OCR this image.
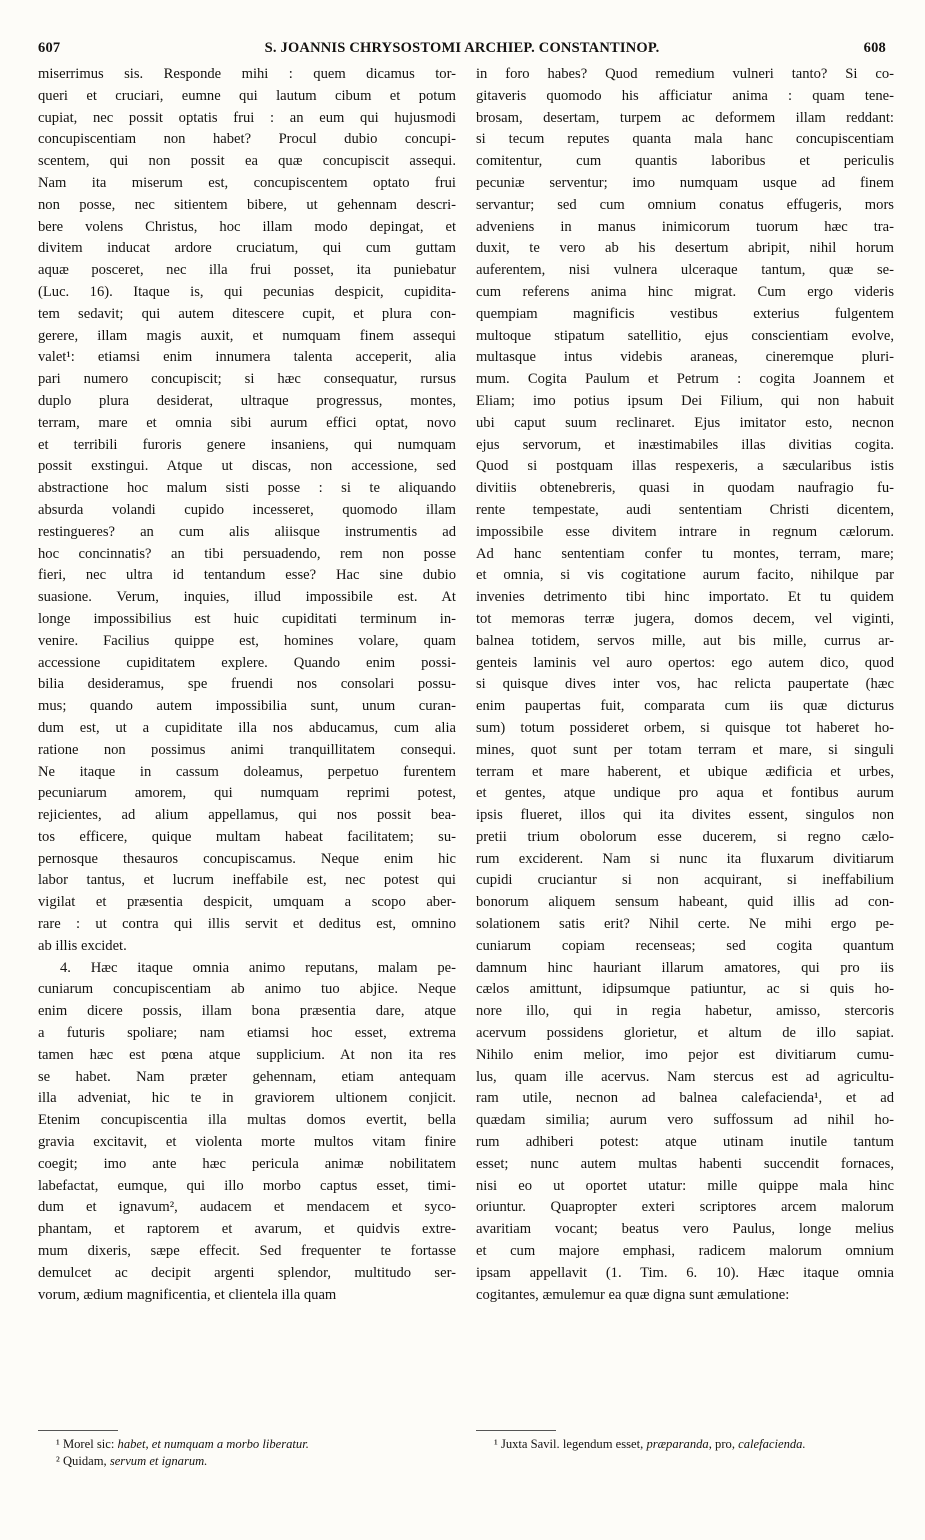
607	S. JOANNIS CHRYSOSTOMI ARCHIEP. CONSTANTINOP.	608
miserrimus sis. Responde mihi : quem dicamus tor-
queri et cruciari, eumne qui lautum cibum et potum
cupiat, nec possit optatis frui : an eum qui hujusmodi
concupiscentiam non habet? Procul dubio concupi-
scentem, qui non possit ea quæ concupiscit assequi.
Nam ita miserum est, concupiscentem optato frui
non posse, nec sitientem bibere, ut gehennam descri-
bere volens Christus, hoc illam modo depingat, et
divitem inducat ardore cruciatum, qui cum guttam
aquæ posceret, nec illa frui posset, ita puniebatur
(Luc. 16). Itaque is, qui pecunias despicit, cupidita-
tem sedavit; qui autem ditescere cupit, et plura con-
gerere, illam magis auxit, et numquam finem assequi
valet¹: etiamsi enim innumera talenta acceperit, alia
pari numero concupiscit; si hæc consequatur, rursus
duplo plura desiderat, ultraque progressus, montes,
terram, mare et omnia sibi aurum effici optat, novo
et terribili furoris genere insaniens, qui numquam
possit exstingui. Atque ut discas, non accessione, sed
abstractione hoc malum sisti posse : si te aliquando
absurda volandi cupido incesseret, quomodo illam
restingueres? an cum alis aliisque instrumentis ad
hoc concinnatis? an tibi persuadendo, rem non posse
fieri, nec ultra id tentandum esse? Hac sine dubio
suasione. Verum, inquies, illud impossibile est. At
longe impossibilius est huic cupiditati terminum in-
venire. Facilius quippe est, homines volare, quam
accessione cupiditatem explere. Quando enim possi-
bilia desideramus, spe fruendi nos consolari possu-
mus; quando autem impossibilia sunt, unum curan-
dum est, ut a cupiditate illa nos abducamus, cum alia
ratione non possimus animi tranquillitatem consequi.
Ne itaque in cassum doleamus, perpetuo furentem
pecuniarum amorem, qui numquam reprimi potest,
rejicientes, ad alium appellamus, qui nos possit bea-
tos efficere, quique multam habeat facilitatem; su-
pernosque thesauros concupiscamus. Neque enim hic
labor tantus, et lucrum ineffabile est, nec potest qui
vigilat et præsentia despicit, umquam a scopo aber-
rare : ut contra qui illis servit et deditus est, omnino
ab illis excidet.
4. Hæc itaque omnia animo reputans, malam pe-
cuniarum concupiscentiam ab animo tuo abjice. Neque
enim dicere possis, illam bona præsentia dare, atque
a futuris spoliare; nam etiamsi hoc esset, extrema
tamen hæc est pœna atque supplicium. At non ita res
se habet. Nam præter gehennam, etiam antequam
illa adveniat, hic te in graviorem ultionem conjicit.
Etenim concupiscentia illa multas domos evertit, bella
gravia excitavit, et violenta morte multos vitam finire
coegit; imo ante hæc pericula animæ nobilitatem
labefactat, eumque, qui illo morbo captus esset, timi-
dum et ignavum², audacem et mendacem et syco-
phantam, et raptorem et avarum, et quidvis extre-
mum dixeris, sæpe effecit. Sed frequenter te fortasse
demulcet ac decipit argenti splendor, multitudo ser-
vorum, ædium magnificentia, et clientela illa quam
in foro habes? Quod remedium vulneri tanto? Si co-
gitaveris quomodo his afficiatur anima : quam tene-
brosam, desertam, turpem ac deformem illam reddant:
si tecum reputes quanta mala hanc concupiscentiam
comitentur, cum quantis laboribus et periculis
pecuniæ serventur; imo numquam usque ad finem
servantur; sed cum omnium conatus effugeris, mors
adveniens in manus inimicorum tuorum hæc tra-
duxit, te vero ab his desertum abripit, nihil horum
auferentem, nisi vulnera ulceraque tantum, quæ se-
cum referens anima hinc migrat. Cum ergo videris
quempiam magnificis vestibus exterius fulgentem
multoque stipatum satellitio, ejus conscientiam evolve,
multasque intus videbis araneas, cineremque pluri-
mum. Cogita Paulum et Petrum : cogita Joannem et
Eliam; imo potius ipsum Dei Filium, qui non habuit
ubi caput suum reclinaret. Ejus imitator esto, necnon
ejus servorum, et inæstimabiles illas divitias cogita.
Quod si postquam illas respexeris, a sæcularibus istis
divitiis obtenebreris, quasi in quodam naufragio fu-
rente tempestate, audi sententiam Christi dicentem,
impossibile esse divitem intrare in regnum cælorum.
Ad hanc sententiam confer tu montes, terram, mare;
et omnia, si vis cogitatione aurum facito, nihilque par
invenies detrimento tibi hinc importato. Et tu quidem
tot memoras terræ jugera, domos decem, vel viginti,
balnea totidem, servos mille, aut bis mille, currus ar-
genteis laminis vel auro opertos: ego autem dico, quod
si quisque dives inter vos, hac relicta paupertate (hæc
enim paupertas fuit, comparata cum iis quæ dicturus
sum) totum possideret orbem, si quisque tot haberet ho-
mines, quot sunt per totam terram et mare, si singuli
terram et mare haberent, et ubique ædificia et urbes,
et gentes, atque undique pro aqua et fontibus aurum
ipsis flueret, illos qui ita divites essent, singulos non
pretii trium obolorum esse ducerem, si regno cælo-
rum exciderent. Nam si nunc ita fluxarum divitiarum
cupidi cruciantur si non acquirant, si ineffabilium
bonorum aliquem sensum habeant, quid illis ad con-
solationem satis erit? Nihil certe. Ne mihi ergo pe-
cuniarum copiam recenseas; sed cogita quantum
damnum hinc hauriant illarum amatores, qui pro iis
cælos amittunt, idipsumque patiuntur, ac si quis ho-
nore illo, qui in regia habetur, amisso, stercoris
acervum possidens glorietur, et altum de illo sapiat.
Nihilo enim melior, imo pejor est divitiarum cumu-
lus, quam ille acervus. Nam stercus est ad agricultu-
ram utile, necnon ad balnea calefacienda¹, et ad
quædam similia; aurum vero suffossum ad nihil ho-
rum adhiberi potest: atque utinam inutile tantum
esset; nunc autem multas habenti succendit fornaces,
nisi eo ut oportet utatur: mille quippe mala hinc
oriuntur. Quapropter exteri scriptores arcem malorum
avaritiam vocant; beatus vero Paulus, longe melius
et cum majore emphasi, radicem malorum omnium
ipsam appellavit (1. Tim. 6. 10). Hæc itaque omnia
cogitantes, æmulemur ea quæ digna sunt æmulatione:
¹ Morel sic: habet, et numquam a morbo liberatur.
² Quidam, servum et ignarum.
¹ Juxta Savil. legendum esset, præparanda, pro, calefacienda.
